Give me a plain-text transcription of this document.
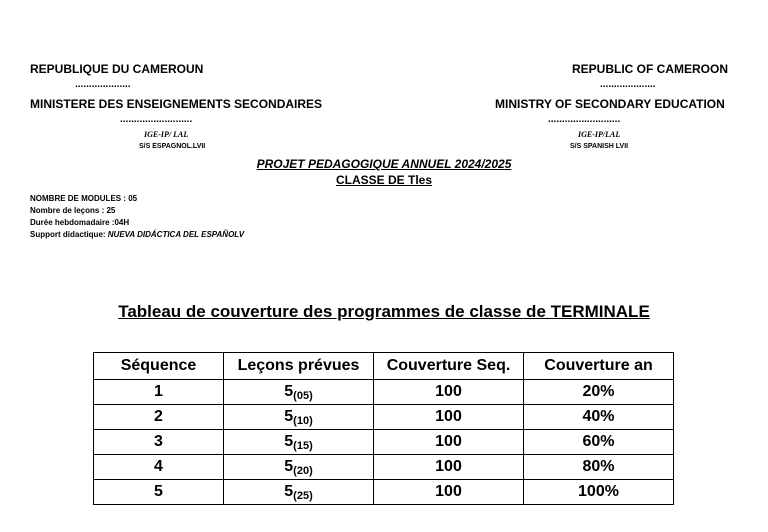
REPUBLIQUE DU CAMEROUN
....................
MINISTERE DES ENSEIGNEMENTS SECONDAIRES
..........................
IGE-IP/ LAL
S/S ESPAGNOL.LVII
REPUBLIC OF CAMEROON
....................
MINISTRY OF SECONDARY EDUCATION
..........................
IGE-IP/LAL
S/S SPANISH LVII
PROJET PEDAGOGIQUE ANNUEL 2024/2025
CLASSE DE Tles
NOMBRE DE MODULES : 05
Nombre de leçons : 25
Durée hebdomadaire :04H
Support didactique: NUEVA DIDÁCTICA DEL ESPAÑOLV
Tableau de couverture des programmes de classe de TERMINALE
Séquence	Leçons prévues	Couverture Seq.	Couverture an
1	$5_{(05)}$	100	20%
2	$5_{(10)}$	100	40%
3	$5_{(15)}$	100	60%
4	$5_{(20)}$	100	80%
5	$5_{(25)}$	100	100%
